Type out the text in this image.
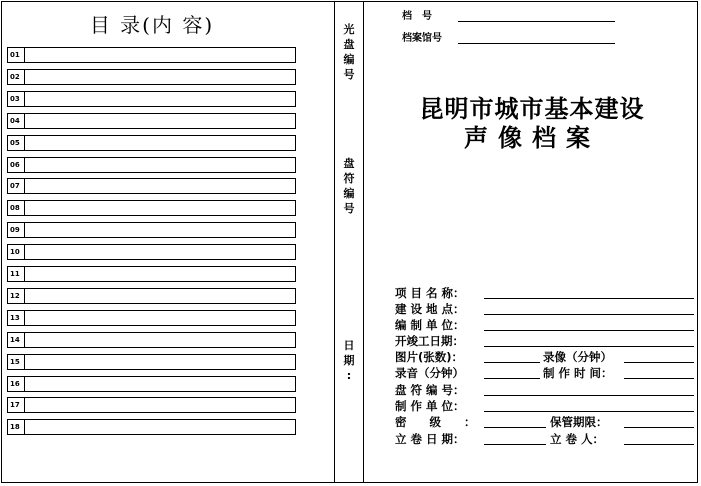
目 录(内 容)
01
02
03
04
05
06
07
08
09
10
11
12
13
14
15
16
17
18
光
盘
编
号
盘
符
编
号
日
期
:
档　号
档案馆号
昆明市城市基本建设
声像档案
项 目 名 称：
建 设 地 点：
编 制 单 位：
开竣工日期：
图片(张数)：	录像（分钟）
录音（分钟）	制 作 时 间：
盘 符 编 号：
制 作 单 位：
密　　级　　：	保管期限：
立 卷 日 期：	立 卷 人：
